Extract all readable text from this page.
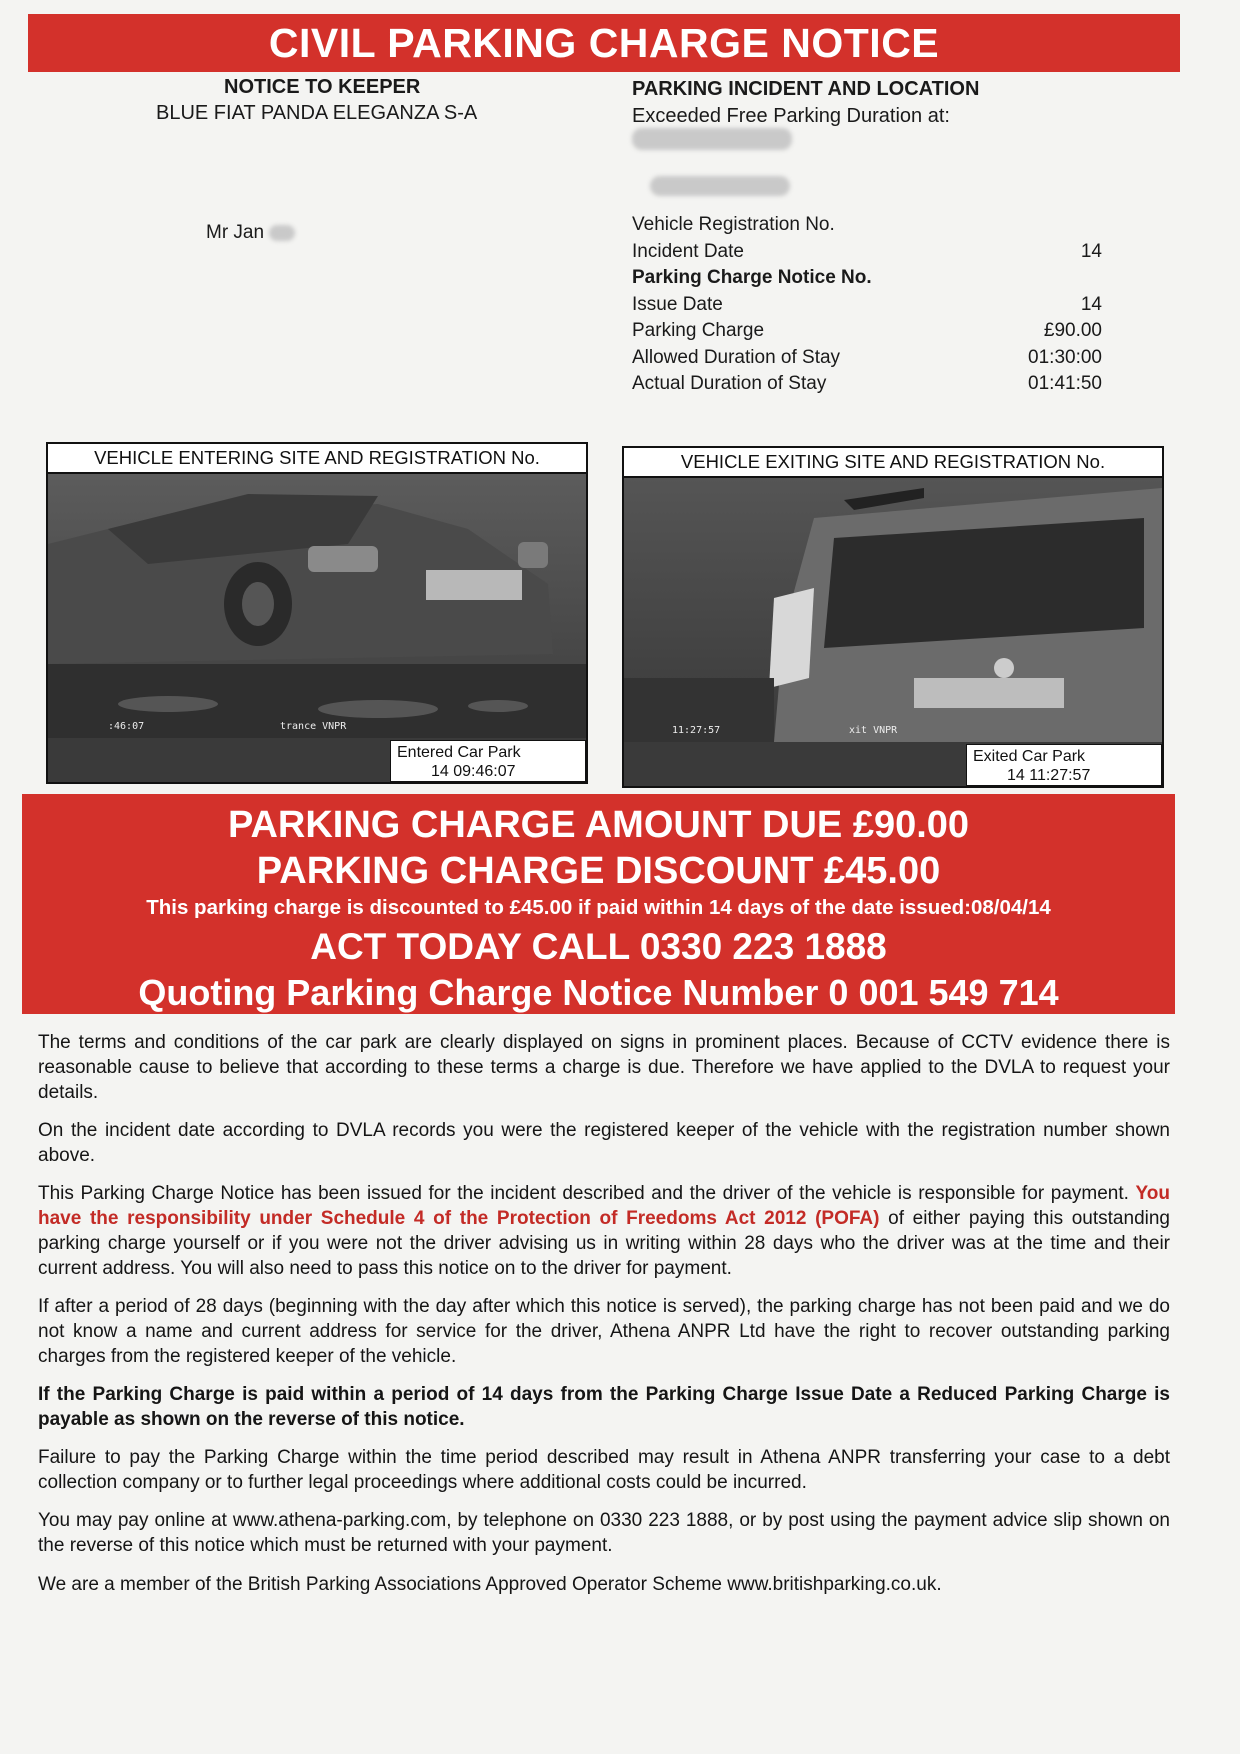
CIVIL PARKING CHARGE NOTICE
NOTICE TO KEEPER
BLUE FIAT PANDA ELEGANZA S-A
Mr Jan
PARKING INCIDENT AND LOCATION
Exceeded Free Parking Duration at:
Vehicle Registration No.
Incident Date	14
Parking Charge Notice No.
Issue Date	14
Parking Charge	£90.00
Allowed Duration of Stay	01:30:00
Actual Duration of Stay	01:41:50
VEHICLE ENTERING SITE AND REGISTRATION No.
:46:07	trance VNPR
Entered Car Park
14 09:46:07
VEHICLE EXITING SITE AND REGISTRATION No.
11:27:57	xit VNPR
Exited Car Park
14 11:27:57
PARKING CHARGE AMOUNT DUE £90.00
PARKING CHARGE DISCOUNT £45.00
This parking charge is discounted to £45.00 if paid within 14 days of the date issued:08/04/14
ACT TODAY CALL 0330 223 1888
Quoting Parking Charge Notice Number 0 001 549 714

The terms and conditions of the car park are clearly displayed on signs in prominent places. Because of CCTV evidence there is reasonable cause to believe that according to these terms a charge is due. Therefore we have applied to the DVLA to request your details.

On the incident date according to DVLA records you were the registered keeper of the vehicle with the registration number shown above.

This Parking Charge Notice has been issued for the incident described and the driver of the vehicle is responsible for payment. You have the responsibility under Schedule 4 of the Protection of Freedoms Act 2012 (POFA) of either paying this outstanding parking charge yourself or if you were not the driver advising us in writing within 28 days who the driver was at the time and their current address. You will also need to pass this notice on to the driver for payment.

If after a period of 28 days (beginning with the day after which this notice is served), the parking charge has not been paid and we do not know a name and current address for service for the driver, Athena ANPR Ltd have the right to recover outstanding parking charges from the registered keeper of the vehicle.

If the Parking Charge is paid within a period of 14 days from the Parking Charge Issue Date a Reduced Parking Charge is payable as shown on the reverse of this notice.

Failure to pay the Parking Charge within the time period described may result in Athena ANPR transferring your case to a debt collection company or to further legal proceedings where additional costs could be incurred.

You may pay online at www.athena-parking.com, by telephone on 0330 223 1888, or by post using the payment advice slip shown on the reverse of this notice which must be returned with your payment.

We are a member of the British Parking Associations Approved Operator Scheme www.britishparking.co.uk.
